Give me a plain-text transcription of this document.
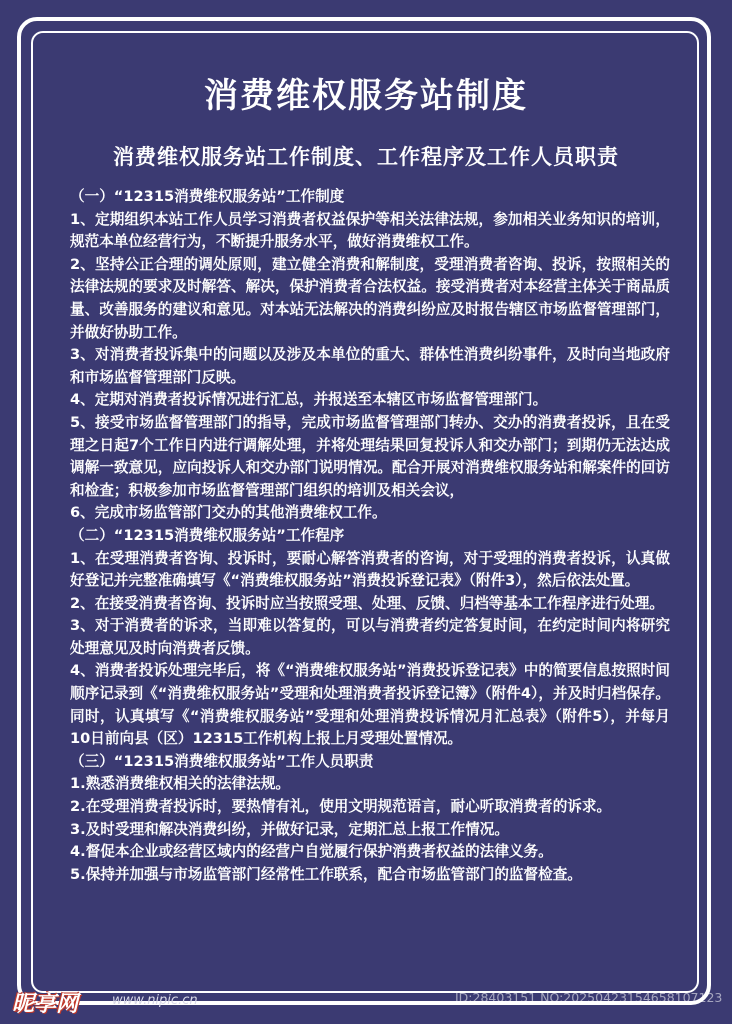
消费维权服务站制度
消费维权服务站工作制度、工作程序及工作人员职责

（一）“12315消费维权服务站”工作制度

1、定期组织本站工作人员学习消费者权益保护等相关法律法规，参加相关业务知识的培训，规范本单位经营行为，不断提升服务水平，做好消费维权工作。

2、坚持公正合理的调处原则，建立健全消费和解制度，受理消费者咨询、投诉，按照相关的法律法规的要求及时解答、解决，保护消费者合法权益。接受消费者对本经营主体关于商品质量、改善服务的建议和意见。对本站无法解决的消费纠纷应及时报告辖区市场监督管理部门，并做好协助工作。

3、对消费者投诉集中的问题以及涉及本单位的重大、群体性消费纠纷事件，及时向当地政府和市场监督管理部门反映。

4、定期对消费者投诉情况进行汇总，并报送至本辖区市场监督管理部门。

5、接受市场监督管理部门的指导，完成市场监督管理部门转办、交办的消费者投诉，且在受理之日起7个工作日内进行调解处理，并将处理结果回复投诉人和交办部门；到期仍无法达成调解一致意见，应向投诉人和交办部门说明情况。配合开展对消费维权服务站和解案件的回访和检查；积极参加市场监督管理部门组织的培训及相关会议，

6、完成市场监管部门交办的其他消费维权工作。

（二）“12315消费维权服务站”工作程序

1、在受理消费者咨询、投诉时，要耐心解答消费者的咨询，对于受理的消费者投诉，认真做好登记并完整准确填写《“消费维权服务站”消费投诉登记表》（附件3），然后依法处置。

2、在接受消费者咨询、投诉时应当按照受理、处理、反馈、归档等基本工作程序进行处理。

3、对于消费者的诉求，当即难以答复的，可以与消费者约定答复时间，在约定时间内将研究处理意见及时向消费者反馈。

4、消费者投诉处理完毕后，将《“消费维权服务站”消费投诉登记表》中的简要信息按照时间顺序记录到《“消费维权服务站”受理和处理消费者投诉登记簿》（附件4），并及时归档保存。同时，认真填写《“消费维权服务站”受理和处理消费投诉情况月汇总表》（附件5），并每月10日前向县（区）12315工作机构上报上月受理处置情况。

（三）“12315消费维权服务站”工作人员职责

1.熟悉消费维权相关的法律法规。

2.在受理消费者投诉时，要热情有礼，使用文明规范语言，耐心听取消费者的诉求。

3.及时受理和解决消费纠纷，并做好记录，定期汇总上报工作情况。

4.督促本企业或经营区域内的经营户自觉履行保护消费者权益的法律义务。

5.保持并加强与市场监管部门经常性工作联系，配合市场监管部门的监督检查。

昵享网	www.nipic.cn	ID:28403151 NO:20250423154658107123
